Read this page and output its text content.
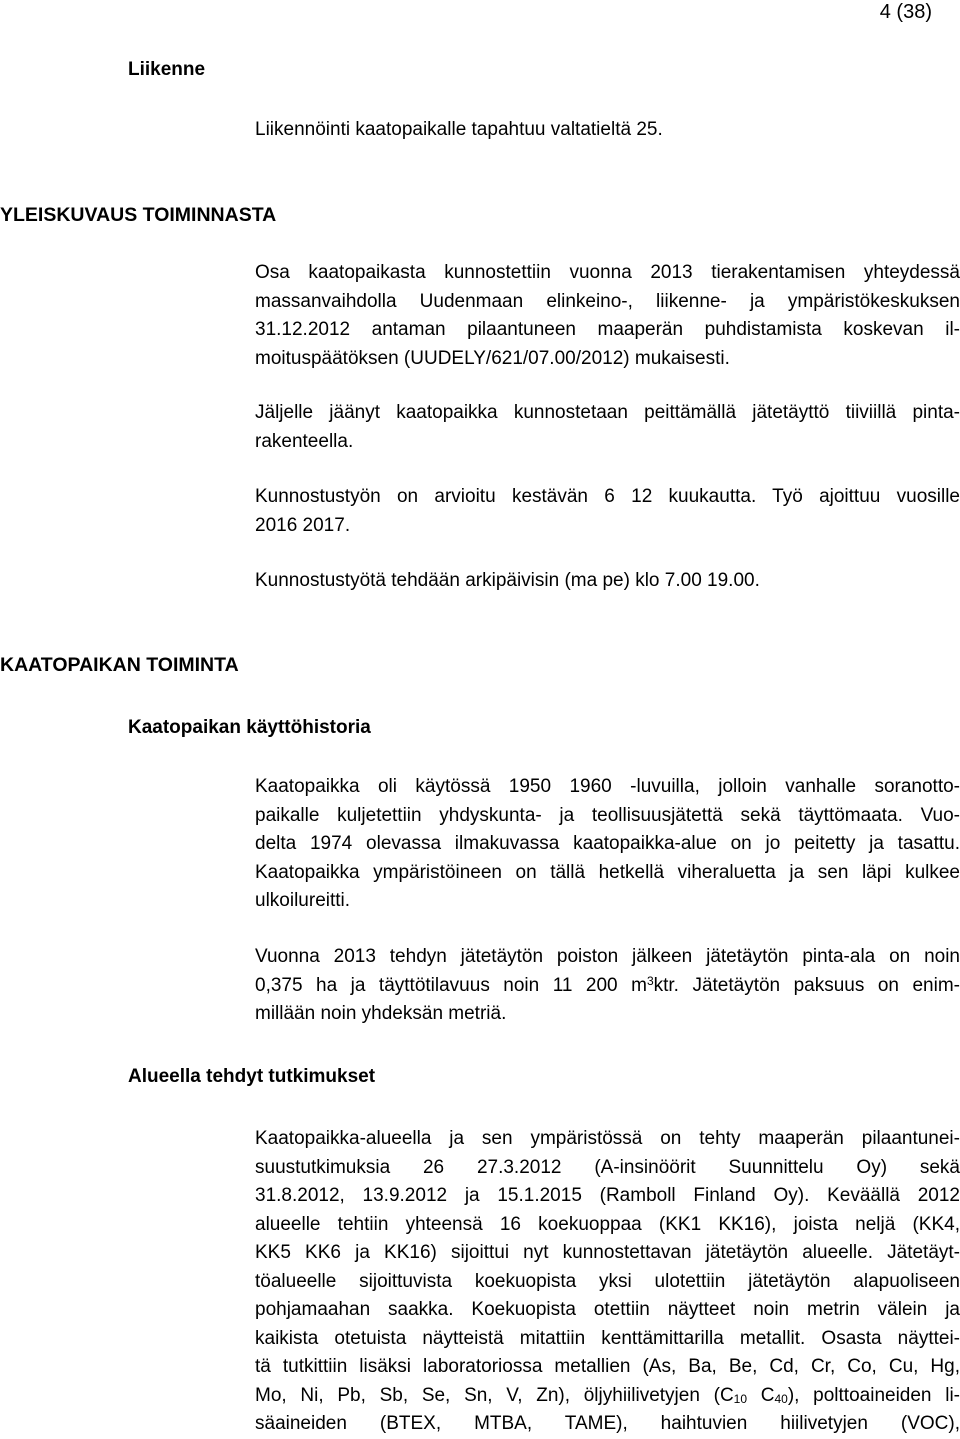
4 (38)
Liikenne
Liikennöinti kaatopaikalle tapahtuu valtatieltä 25.
YLEISKUVAUS TOIMINNASTA
Osa kaatopaikasta kunnostettiin vuonna 2013 tierakentamisen yhteydessä
massanvaihdolla Uudenmaan elinkeino-, liikenne- ja ympäristökeskuksen
31.12.2012 antaman pilaantuneen maaperän puhdistamista koskevan il-
moituspäätöksen (UUDELY/621/07.00/2012) mukaisesti.
Jäljelle jäänyt kaatopaikka kunnostetaan peittämällä jätetäyttö tiiviillä pinta-
rakenteella.
Kunnostustyön on arvioitu kestävän 6 12 kuukautta. Työ ajoittuu vuosille
2016 2017.
Kunnostustyötä tehdään arkipäivisin (ma pe) klo 7.00 19.00.
KAATOPAIKAN TOIMINTA
Kaatopaikan käyttöhistoria
Kaatopaikka oli käytössä 1950 1960 -luvuilla, jolloin vanhalle soranotto-
paikalle kuljetettiin yhdyskunta- ja teollisuusjätettä sekä täyttömaata. Vuo-
delta 1974 olevassa ilmakuvassa kaatopaikka-alue on jo peitetty ja tasattu.
Kaatopaikka ympäristöineen on tällä hetkellä viheraluetta ja sen läpi kulkee
ulkoilureitti.
Vuonna 2013 tehdyn jätetäytön poiston jälkeen jätetäytön pinta-ala on noin
0,375 ha ja täyttötilavuus noin 11 200 $m^3ktr$. Jätetäytön paksuus on enim-
millään noin yhdeksän metriä.
Alueella tehdyt tutkimukset
Kaatopaikka-alueella ja sen ympäristössä on tehty maaperän pilaantunei-
suustutkimuksia 26 27.3.2012 (A-insinöörit Suunnittelu Oy) sekä
31.8.2012, 13.9.2012 ja 15.1.2015 (Ramboll Finland Oy). Keväällä 2012
alueelle tehtiin yhteensä 16 koekuoppaa (KK1 KK16), joista neljä (KK4,
KK5 KK6 ja KK16) sijoittui nyt kunnostettavan jätetäytön alueelle. Jätetäyt-
töalueelle sijoittuvista koekuopista yksi ulotettiin jätetäytön alapuoliseen
pohjamaahan saakka. Koekuopista otettiin näytteet noin metrin välein ja
kaikista otetuista näytteistä mitattiin kenttämittarilla metallit. Osasta näyttei-
tä tutkittiin lisäksi laboratoriossa metallien (As, Ba, Be, Cd, Cr, Co, Cu, Hg,
Mo, Ni, Pb, Sb, Se, Sn, V, Zn), öljyhiilivetyjen ($C_{10}$ $C_{40}$), polttoaineiden li-
säaineiden (BTEX, MTBA, TAME), haihtuvien hiilivetyjen (VOC),
